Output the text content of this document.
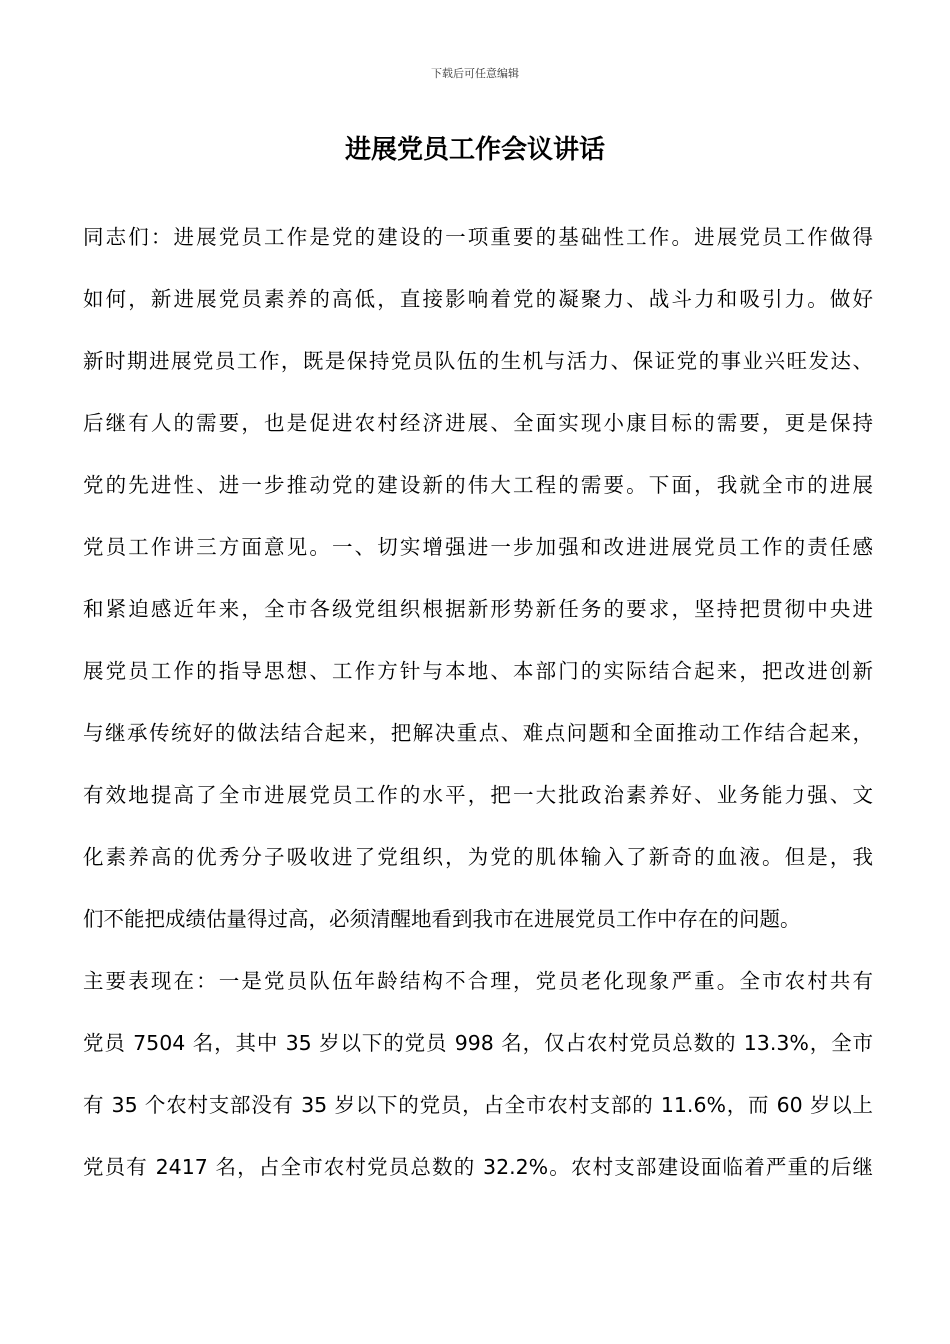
下载后可任意编辑
进展党员工作会议讲话
同志们：进展党员工作是党的建设的一项重要的基础性工作。进展党员工作做得
如何，新进展党员素养的高低，直接影响着党的凝聚力、战斗力和吸引力。做好
新时期进展党员工作，既是保持党员队伍的生机与活力、保证党的事业兴旺发达、
后继有人的需要，也是促进农村经济进展、全面实现小康目标的需要，更是保持
党的先进性、进一步推动党的建设新的伟大工程的需要。下面，我就全市的进展
党员工作讲三方面意见。一、切实增强进一步加强和改进进展党员工作的责任感
和紧迫感近年来，全市各级党组织根据新形势新任务的要求，坚持把贯彻中央进
展党员工作的指导思想、工作方针与本地、本部门的实际结合起来，把改进创新
与继承传统好的做法结合起来，把解决重点、难点问题和全面推动工作结合起来，
有效地提高了全市进展党员工作的水平，把一大批政治素养好、业务能力强、文
化素养高的优秀分子吸收进了党组织，为党的肌体输入了新奇的血液。但是，我
们不能把成绩估量得过高，必须清醒地看到我市在进展党员工作中存在的问题。
主要表现在：一是党员队伍年龄结构不合理，党员老化现象严重。全市农村共有
党员 7504 名，其中 35 岁以下的党员 998 名，仅占农村党员总数的 13.3%，全市
有 35 个农村支部没有 35 岁以下的党员，占全市农村支部的 11.6%，而 60 岁以上
党员有 2417 名，占全市农村党员总数的 32.2%。农村支部建设面临着严重的后继
